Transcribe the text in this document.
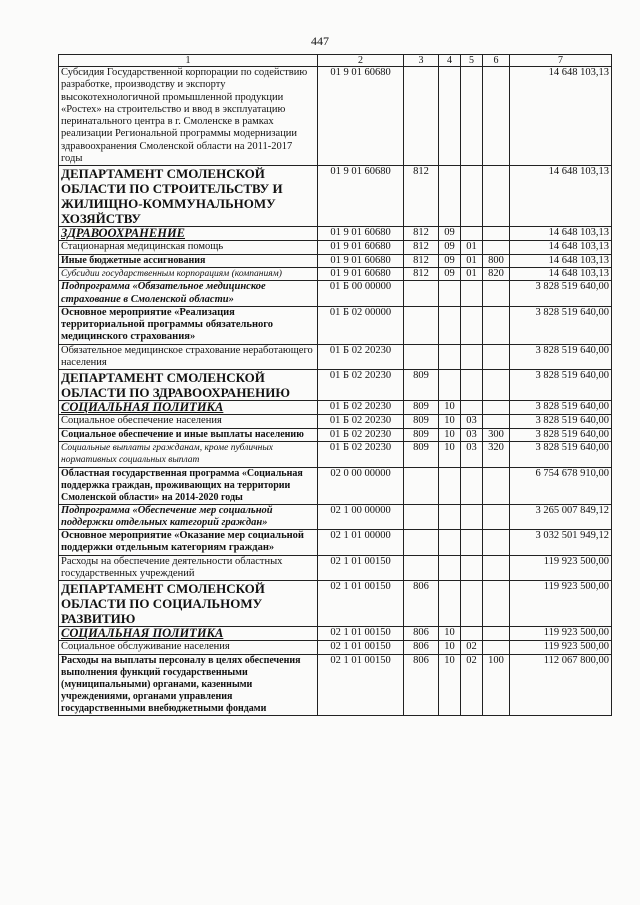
447
1	2	3	4	5	6	7
Субсидия Государственной корпорации по содействию разработке, производству и экспорту высокотехнологичной промышленной продукции «Ростех» на строительство и ввод в эксплуатацию перинатального центра в г. Смоленске в рамках реализации Региональной программы модернизации здравоохранения Смоленской области на 2011-2017 годы	01 9 01 60680					14 648 103,13
ДЕПАРТАМЕНТ СМОЛЕНСКОЙ ОБЛАСТИ ПО СТРОИТЕЛЬСТВУ И ЖИЛИЩНО-КОММУНАЛЬНОМУ ХОЗЯЙСТВУ	01 9 01 60680	812				14 648 103,13
ЗДРАВООХРАНЕНИЕ	01 9 01 60680	812	09			14 648 103,13
Стационарная медицинская помощь	01 9 01 60680	812	09	01		14 648 103,13
Иные бюджетные ассигнования	01 9 01 60680	812	09	01	800	14 648 103,13
Субсидии государственным корпорациям (компаниям)	01 9 01 60680	812	09	01	820	14 648 103,13
Подпрограмма «Обязательное медицинское страхование в Смоленской области»	01 Б 00 00000					3 828 519 640,00
Основное мероприятие «Реализация территориальной программы обязательного медицинского страхования»	01 Б 02 00000					3 828 519 640,00
Обязательное медицинское страхование неработающего населения	01 Б 02 20230					3 828 519 640,00
ДЕПАРТАМЕНТ СМОЛЕНСКОЙ ОБЛАСТИ ПО ЗДРАВООХРАНЕНИЮ	01 Б 02 20230	809				3 828 519 640,00
СОЦИАЛЬНАЯ ПОЛИТИКА	01 Б 02 20230	809	10			3 828 519 640,00
Социальное обеспечение населения	01 Б 02 20230	809	10	03		3 828 519 640,00
Социальное обеспечение и иные выплаты населению	01 Б 02 20230	809	10	03	300	3 828 519 640,00
Социальные выплаты гражданам, кроме публичных нормативных социальных выплат	01 Б 02 20230	809	10	03	320	3 828 519 640,00
Областная государственная программа «Социальная поддержка граждан, проживающих на территории Смоленской области» на 2014-2020 годы	02 0 00 00000					6 754 678 910,00
Подпрограмма «Обеспечение мер социальной поддержки отдельных категорий граждан»	02 1 00 00000					3 265 007 849,12
Основное мероприятие «Оказание мер социальной поддержки отдельным категориям граждан»	02 1 01 00000					3 032 501 949,12
Расходы на обеспечение деятельности областных государственных учреждений	02 1 01 00150					119 923 500,00
ДЕПАРТАМЕНТ СМОЛЕНСКОЙ ОБЛАСТИ ПО СОЦИАЛЬНОМУ РАЗВИТИЮ	02 1 01 00150	806				119 923 500,00
СОЦИАЛЬНАЯ ПОЛИТИКА	02 1 01 00150	806	10			119 923 500,00
Социальное обслуживание населения	02 1 01 00150	806	10	02		119 923 500,00
Расходы на выплаты персоналу в целях обеспечения выполнения функций государственными (муниципальными) органами, казенными учреждениями, органами управления государственными внебюджетными фондами	02 1 01 00150	806	10	02	100	112 067 800,00
